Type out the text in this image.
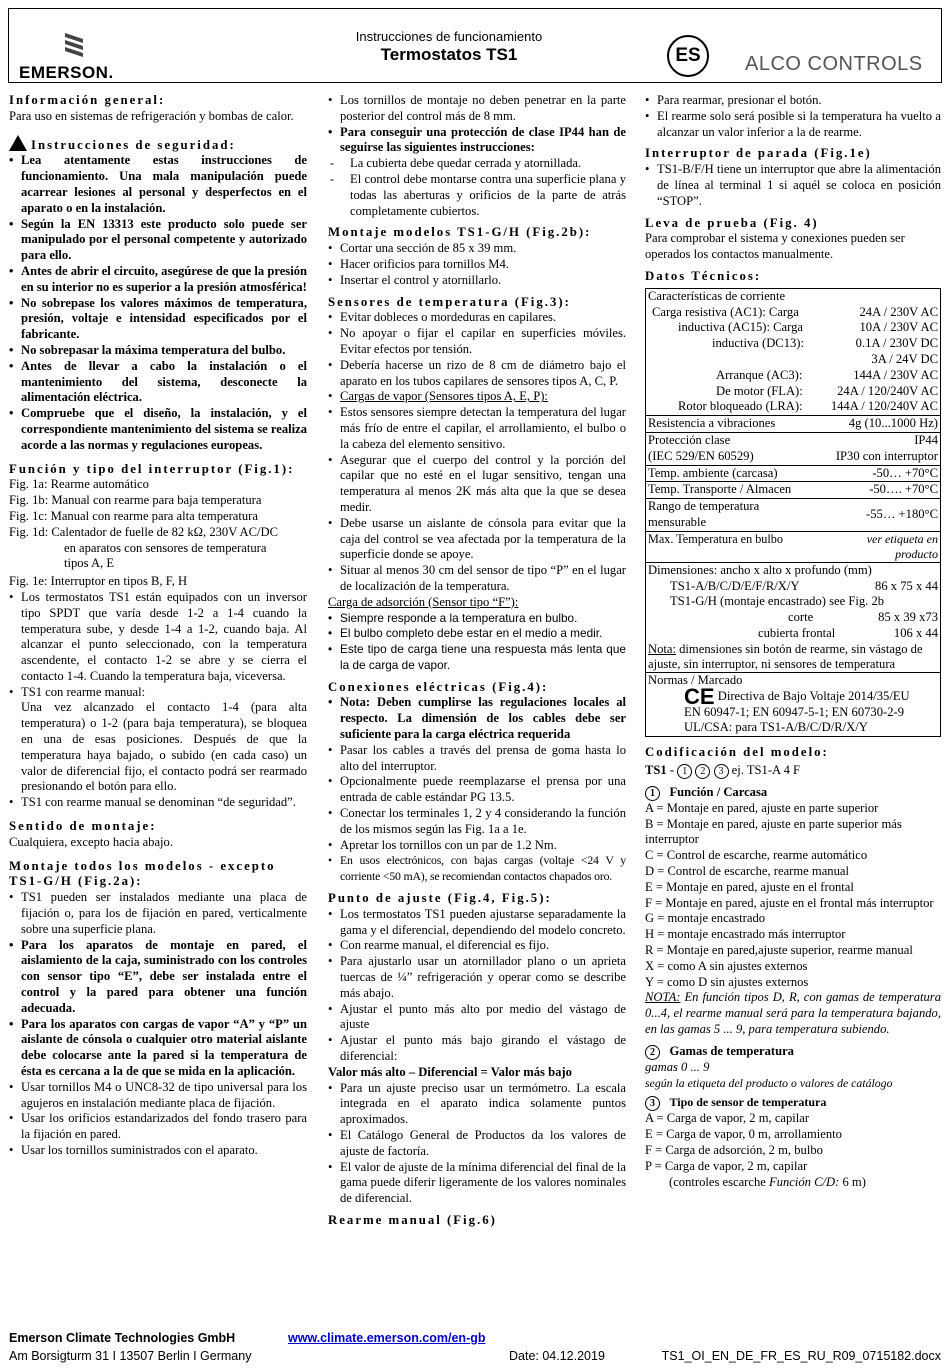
EMERSON.
Instrucciones de funcionamiento
Termostatos TS1	ES	ALCO CONTROLS
Información general:

Para uso en sistemas de refrigeración y bombas de calor.

Instrucciones de seguridad:
• Lea atentamente estas instrucciones de funcionamiento. Una mala manipulación puede acarrear lesiones al personal y desperfectos en el aparato o en la instalación.
• Según la EN 13313 este producto solo puede ser manipulado por el personal competente y autorizado para ello.
• Antes de abrir el circuito, asegúrese de que la presión en su interior no es superior a la presión atmosférica!
• No sobrepase los valores máximos de temperatura, presión, voltaje e intensidad especificados por el fabricante.
• No sobrepasar la máxima temperatura del bulbo.
• Antes de llevar a cabo la instalación o el mantenimiento del sistema, desconecte la alimentación eléctrica.
• Compruebe que el diseño, la instalación, y el correspondiente mantenimiento del sistema se realiza acorde a las normas y regulaciones europeas.
Función y tipo del interruptor (Fig.1):

Fig. 1a: Rearme automático

Fig. 1b: Manual con rearme para baja temperatura

Fig. 1c: Manual con rearme para alta temperatura

Fig. 1d: Calentador de fuelle de 82 kΩ, 230V AC/DC

en aparatos con sensores de temperatura

tipos A, E

Fig. 1e: Interruptor en tipos B, F, H

• Los termostatos TS1 están equipados con un inversor tipo SPDT que varía desde 1-2 a 1-4 cuando la temperatura sube, y desde 1-4 a 1-2, cuando baja. Al alcanzar el punto seleccionado, con la temperatura ascendente, el contacto 1-2 se abre y se cierra el contacto 1-4. Cuando la temperatura baja, viceversa.
• TS1 con rearme manual:
Una vez alcanzado el contacto 1-4 (para alta temperatura) o 1-2 (para baja temperatura), se bloquea en una de esas posiciones. Después de que la temperatura haya bajado, o subido (en cada caso) un valor de diferencial fijo, el contacto podrá ser rearmado presionando el botón para ello.
• TS1 con rearme manual se denominan “de seguridad”.
Sentido de montaje:

Cualquiera, excepto hacia abajo.

Montaje todos los modelos - excepto TS1-G/H (Fig.2a):
• TS1 pueden ser instalados mediante una placa de fijación o, para los de fijación en pared, verticalmente sobre una superficie plana.
• Para los aparatos de montaje en pared, el aislamiento de la caja, suministrado con los controles con sensor tipo “E”, debe ser instalada entre el control y la pared para obtener una función adecuada.
• Para los aparatos con cargas de vapor “A” y “P” un aislante de cónsola o cualquier otro material aislante debe colocarse ante la pared si la temperatura de ésta es cercana a la de que se mida en la aplicación.
• Usar tornillos M4 o UNC8-32 de tipo universal para los agujeros en instalación mediante placa de fijación.
• Usar los orificios estandarizados del fondo trasero para la fijación en pared.
• Usar los tornillos suministrados con el aparato.
• Los tornillos de montaje no deben penetrar en la parte posterior del control más de 8 mm.
• Para conseguir una protección de clase IP44 han de seguirse las siguientes instrucciones:
- La cubierta debe quedar cerrada y atornillada.
- El control debe montarse contra una superficie plana y todas las aberturas y orificios de la parte de atrás completamente cubiertos.
Montaje modelos TS1-G/H (Fig.2b):
• Cortar una sección de 85 x 39 mm.
• Hacer orificios para tornillos M4.
• Insertar el control y atornillarlo.
Sensores de temperatura (Fig.3):
• Evitar dobleces o mordeduras en capilares.
• No apoyar o fijar el capilar en superficies móviles. Evitar efectos por tensión.
• Debería hacerse un rizo de 8 cm de diámetro bajo el aparato en los tubos capilares de sensores tipos A, C, P.
• Cargas de vapor (Sensores tipos A, E, P):
• Estos sensores siempre detectan la temperatura del lugar más frío de entre el capilar, el arrollamiento, el bulbo o la cabeza del elemento sensitivo.
• Asegurar que el cuerpo del control y la porción del capilar que no esté en el lugar sensitivo, tengan una temperatura al menos 2K más alta que la que se desea medir.
• Debe usarse un aislante de cónsola para evitar que la caja del control se vea afectada por la temperatura de la superficie donde se apoye.
• Situar al menos 30 cm del sensor de tipo “P” en el lugar de localización de la temperatura.

Carga de adsorción (Sensor tipo “F”):

• Siempre responde a la temperatura en bulbo.
• El bulbo completo debe estar en el medio a medir.
• Este tipo de carga tiene una respuesta más lenta que la de carga de vapor.
Conexiones eléctricas (Fig.4):
• Nota: Deben cumplirse las regulaciones locales al respecto. La dimensión de los cables debe ser suficiente para la carga eléctrica requerida
• Pasar los cables a través del prensa de goma hasta lo alto del interruptor.
• Opcionalmente puede reemplazarse el prensa por una entrada de cable estándar PG 13.5.
• Conectar los terminales 1, 2 y 4 considerando la función de los mismos según las Fig. 1a a 1e.
• Apretar los tornillos con un par de 1.2 Nm.
• En usos electrónicos, con bajas cargas (voltaje <24 V y corriente <50 mA), se recomiendan contactos chapados oro.
Punto de ajuste (Fig.4, Fig.5):
• Los termostatos TS1 pueden ajustarse separadamente la gama y el diferencial, dependiendo del modelo concreto.
• Con rearme manual, el diferencial es fijo.
• Para ajustarlo usar un atornillador plano o un aprieta tuercas de ¼” refrigeración y operar como se describe más abajo.
• Ajustar el punto más alto por medio del vástago de ajuste
• Ajustar el punto más bajo girando el vástago de diferencial:

Valor más alto – Diferencial = Valor más bajo

• Para un ajuste preciso usar un termómetro. La escala integrada en el aparato indica solamente puntos aproximados.
• El Catálogo General de Productos da los valores de ajuste de factoría.
• El valor de ajuste de la mínima diferencial del final de la gama puede diferir ligeramente de los valores nominales de diferencial.
Rearme manual (Fig.6)
• Para rearmar, presionar el botón.
• El rearme solo será posible si la temperatura ha vuelto a alcanzar un valor inferior a la de rearme.
Interruptor de parada (Fig.1e)
• TS1-B/F/H tiene un interruptor que abre la alimentación de línea al terminal 1 si aquél se coloca en posición “STOP”.
Leva de prueba (Fig. 4)

Para comprobar el sistema y conexiones pueden ser operados los contactos manualmente.

Datos Técnicos:
Características de corriente
Carga resistiva (AC1): Carga	24A / 230V AC
inductiva (AC15): Carga	10A / 230V AC
inductiva (DC13):	0.1A / 230V DC
3A / 24V DC
Arranque (AC3):	144A / 230V AC
De motor (FLA):	24A / 120/240V AC
Rotor bloqueado (LRA): 144A / 120/240V AC
Resistencia a vibraciones	4g (10...1000 Hz)
Protección clase	IP44
(IEC 529/EN 60529)	IP30 con interruptor
Temp. ambiente (carcasa)	-50… +70°C
Temp. Transporte / Almacen	-50…. +70°C
Rango de temperatura mensurable
-55… +180°C
Max. Temperatura en bulbo	ver etiqueta en producto
Dimensiones: ancho x alto x profundo (mm)
TS1-A/B/C/D/E/F/R/X/Y	86 x 75 x 44
TS1-G/H (montaje encastrado) see Fig. 2b
corte	85 x 39 x73
cubierta frontal	106 x 44
Nota: dimensiones sin botón de rearme, sin vástago de ajuste, sin interruptor, ni sensores de temperatura
Normas / Marcado
CE Directiva de Bajo Voltaje 2014/35/EU
EN 60947-1; EN 60947-5-1; EN 60730-2-9
UL/CSA: para TS1-A/B/C/D/R/X/Y
Codificación del modelo:

TS1 - 1 2 3 ej. TS1-A 4 F

1 Función / Carcasa

A = Montaje en pared, ajuste en parte superior

B = Montaje en pared, ajuste en parte superior más interruptor

C = Control de escarche, rearme automático

D = Control de escarche, rearme manual

E = Montaje en pared, ajuste en el frontal

F = Montaje en pared, ajuste en el frontal más interruptor

G = montaje encastrado

H = montaje encastrado más interruptor

R = Montaje en pared,ajuste superior, rearme manual

X = como A sin ajustes externos

Y = como D sin ajustes externos

NOTA: En función tipos D, R, con gamas de temperatura 0...4, el rearme manual será para la temperatura bajando, en las gamas 5 ... 9, para temperatura subiendo.

2 Gamas de temperatura

gamas 0 ... 9

según la etiqueta del producto o valores de catálogo

3 Tipo de sensor de temperatura

A = Carga de vapor, 2 m, capilar

E = Carga de vapor, 0 m, arrollamiento

F = Carga de adsorción, 2 m, bulbo

P = Carga de vapor, 2 m, capilar

(controles escarche Función C/D: 6 m)

Emerson Climate Technologies GmbH	www.climate.emerson.com/en-gb
Am Borsigturm 31 I 13507 Berlin I Germany	Date: 04.12.2019	TS1_OI_EN_DE_FR_ES_RU_R09_0715182.docx
